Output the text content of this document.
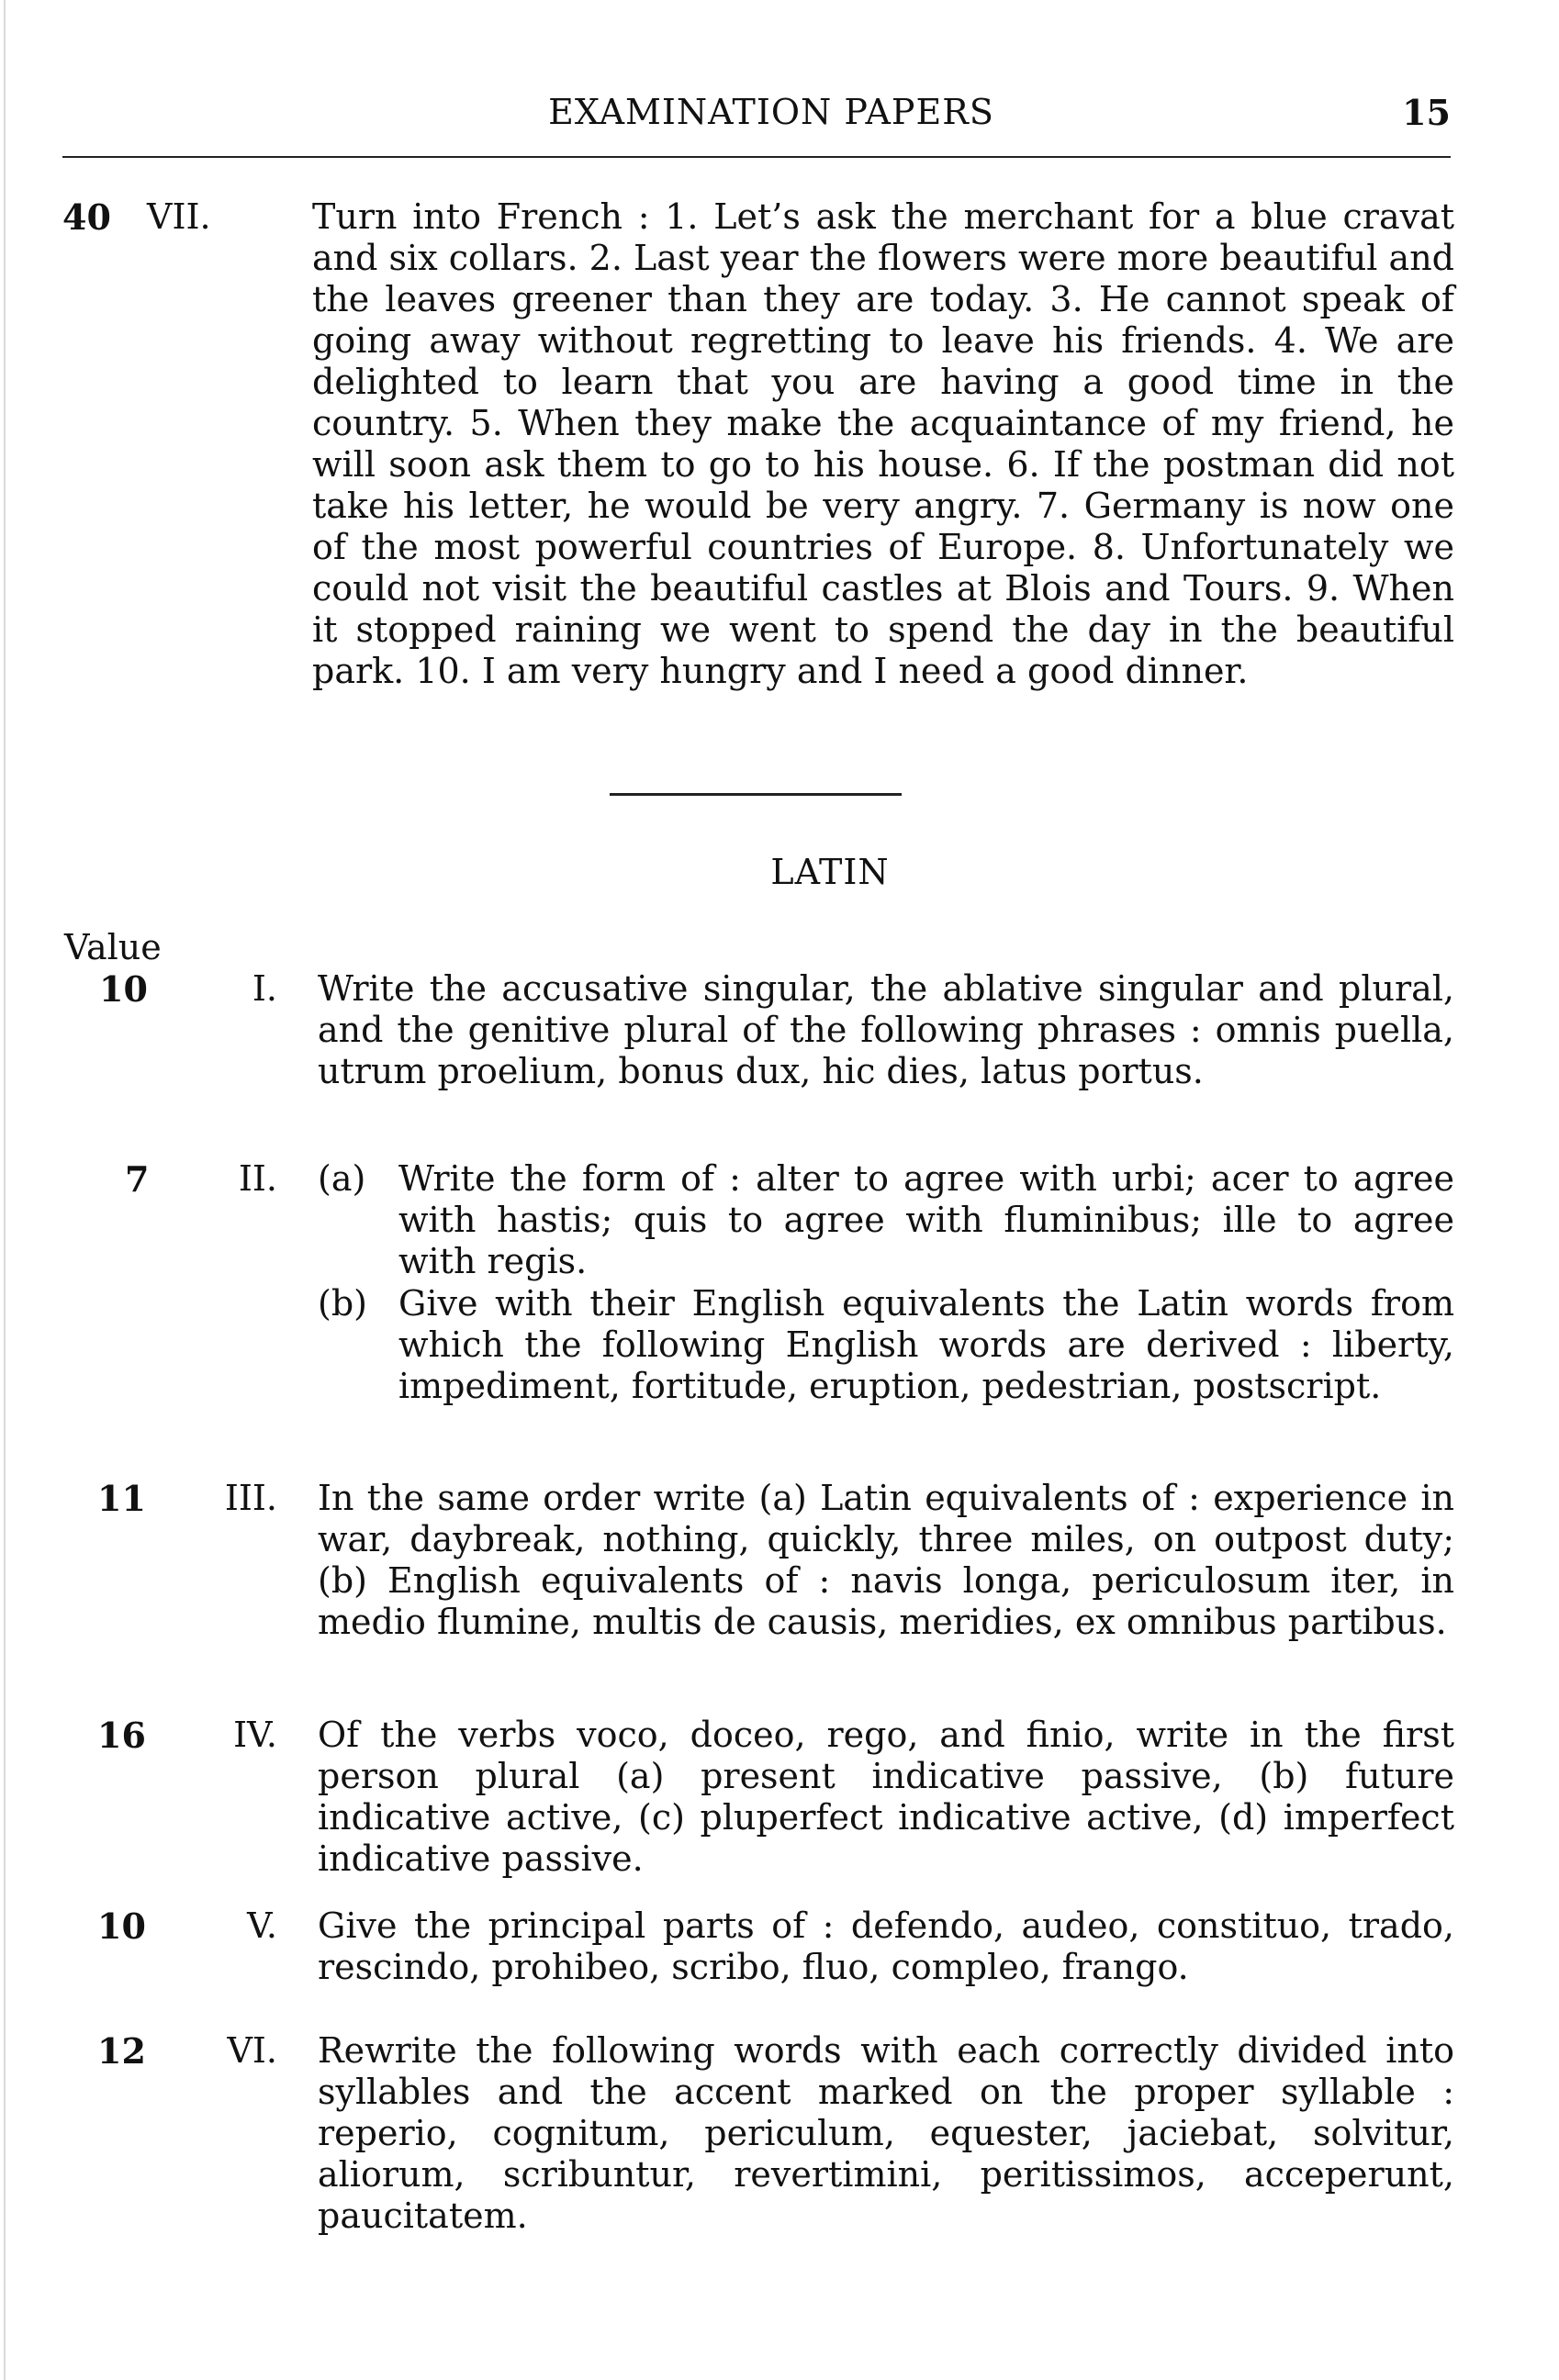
EXAMINATION PAPERS	15
40 VII.	Turn into French : 1. Let’s ask the merchant for a blue cravat and six collars. 2. Last year the flowers were more beautiful and the leaves greener than they are today. 3. He cannot speak of going away without regretting to leave his friends. 4. We are delighted to learn that you are having a good time in the country. 5. When they make the acquaintance of my friend, he will soon ask them to go to his house. 6. If the postman did not take his letter, he would be very angry. 7. Germany is now one of the most powerful countries of Europe. 8. Unfortunately we could not visit the beautiful castles at Blois and Tours. 9. When it stopped raining we went to spend the day in the beautiful park. 10. I am very hungry and I need a good dinner.
LATIN
Value
10	I. Write the accusative singular, the ablative singular and plural, and the genitive plural of the following phrases : omnis puella, utrum proelium, bonus dux, hic dies, latus portus.
7	II. (a) Write the form of : alter to agree with urbi; acer to agree with hastis; quis to agree with fluminibus; ille to agree with regis.
(b) Give with their English equivalents the Latin words from which the following English words are derived : liberty, impediment, fortitude, eruption, pedestrian, postscript.
11	III. In the same order write (a) Latin equivalents of : experience in war, daybreak, nothing, quickly, three miles, on outpost duty; (b) English equivalents of : navis longa, periculosum iter, in medio flumine, multis de causis, meridies, ex omnibus partibus.
16	IV. Of the verbs voco, doceo, rego, and finio, write in the first person plural (a) present indicative passive, (b) future indicative active, (c) pluperfect indicative active, (d) imperfect indicative passive.
10	V. Give the principal parts of : defendo, audeo, constituo, trado, rescindo, prohibeo, scribo, fluo, compleo, frango.
12	VI. Rewrite the following words with each correctly divided into syllables and the accent marked on the proper syllable : reperio, cognitum, periculum, equester, jaciebat, solvitur, aliorum, scribuntur, revertimini, peritissimos, acceperunt, paucitatem.
